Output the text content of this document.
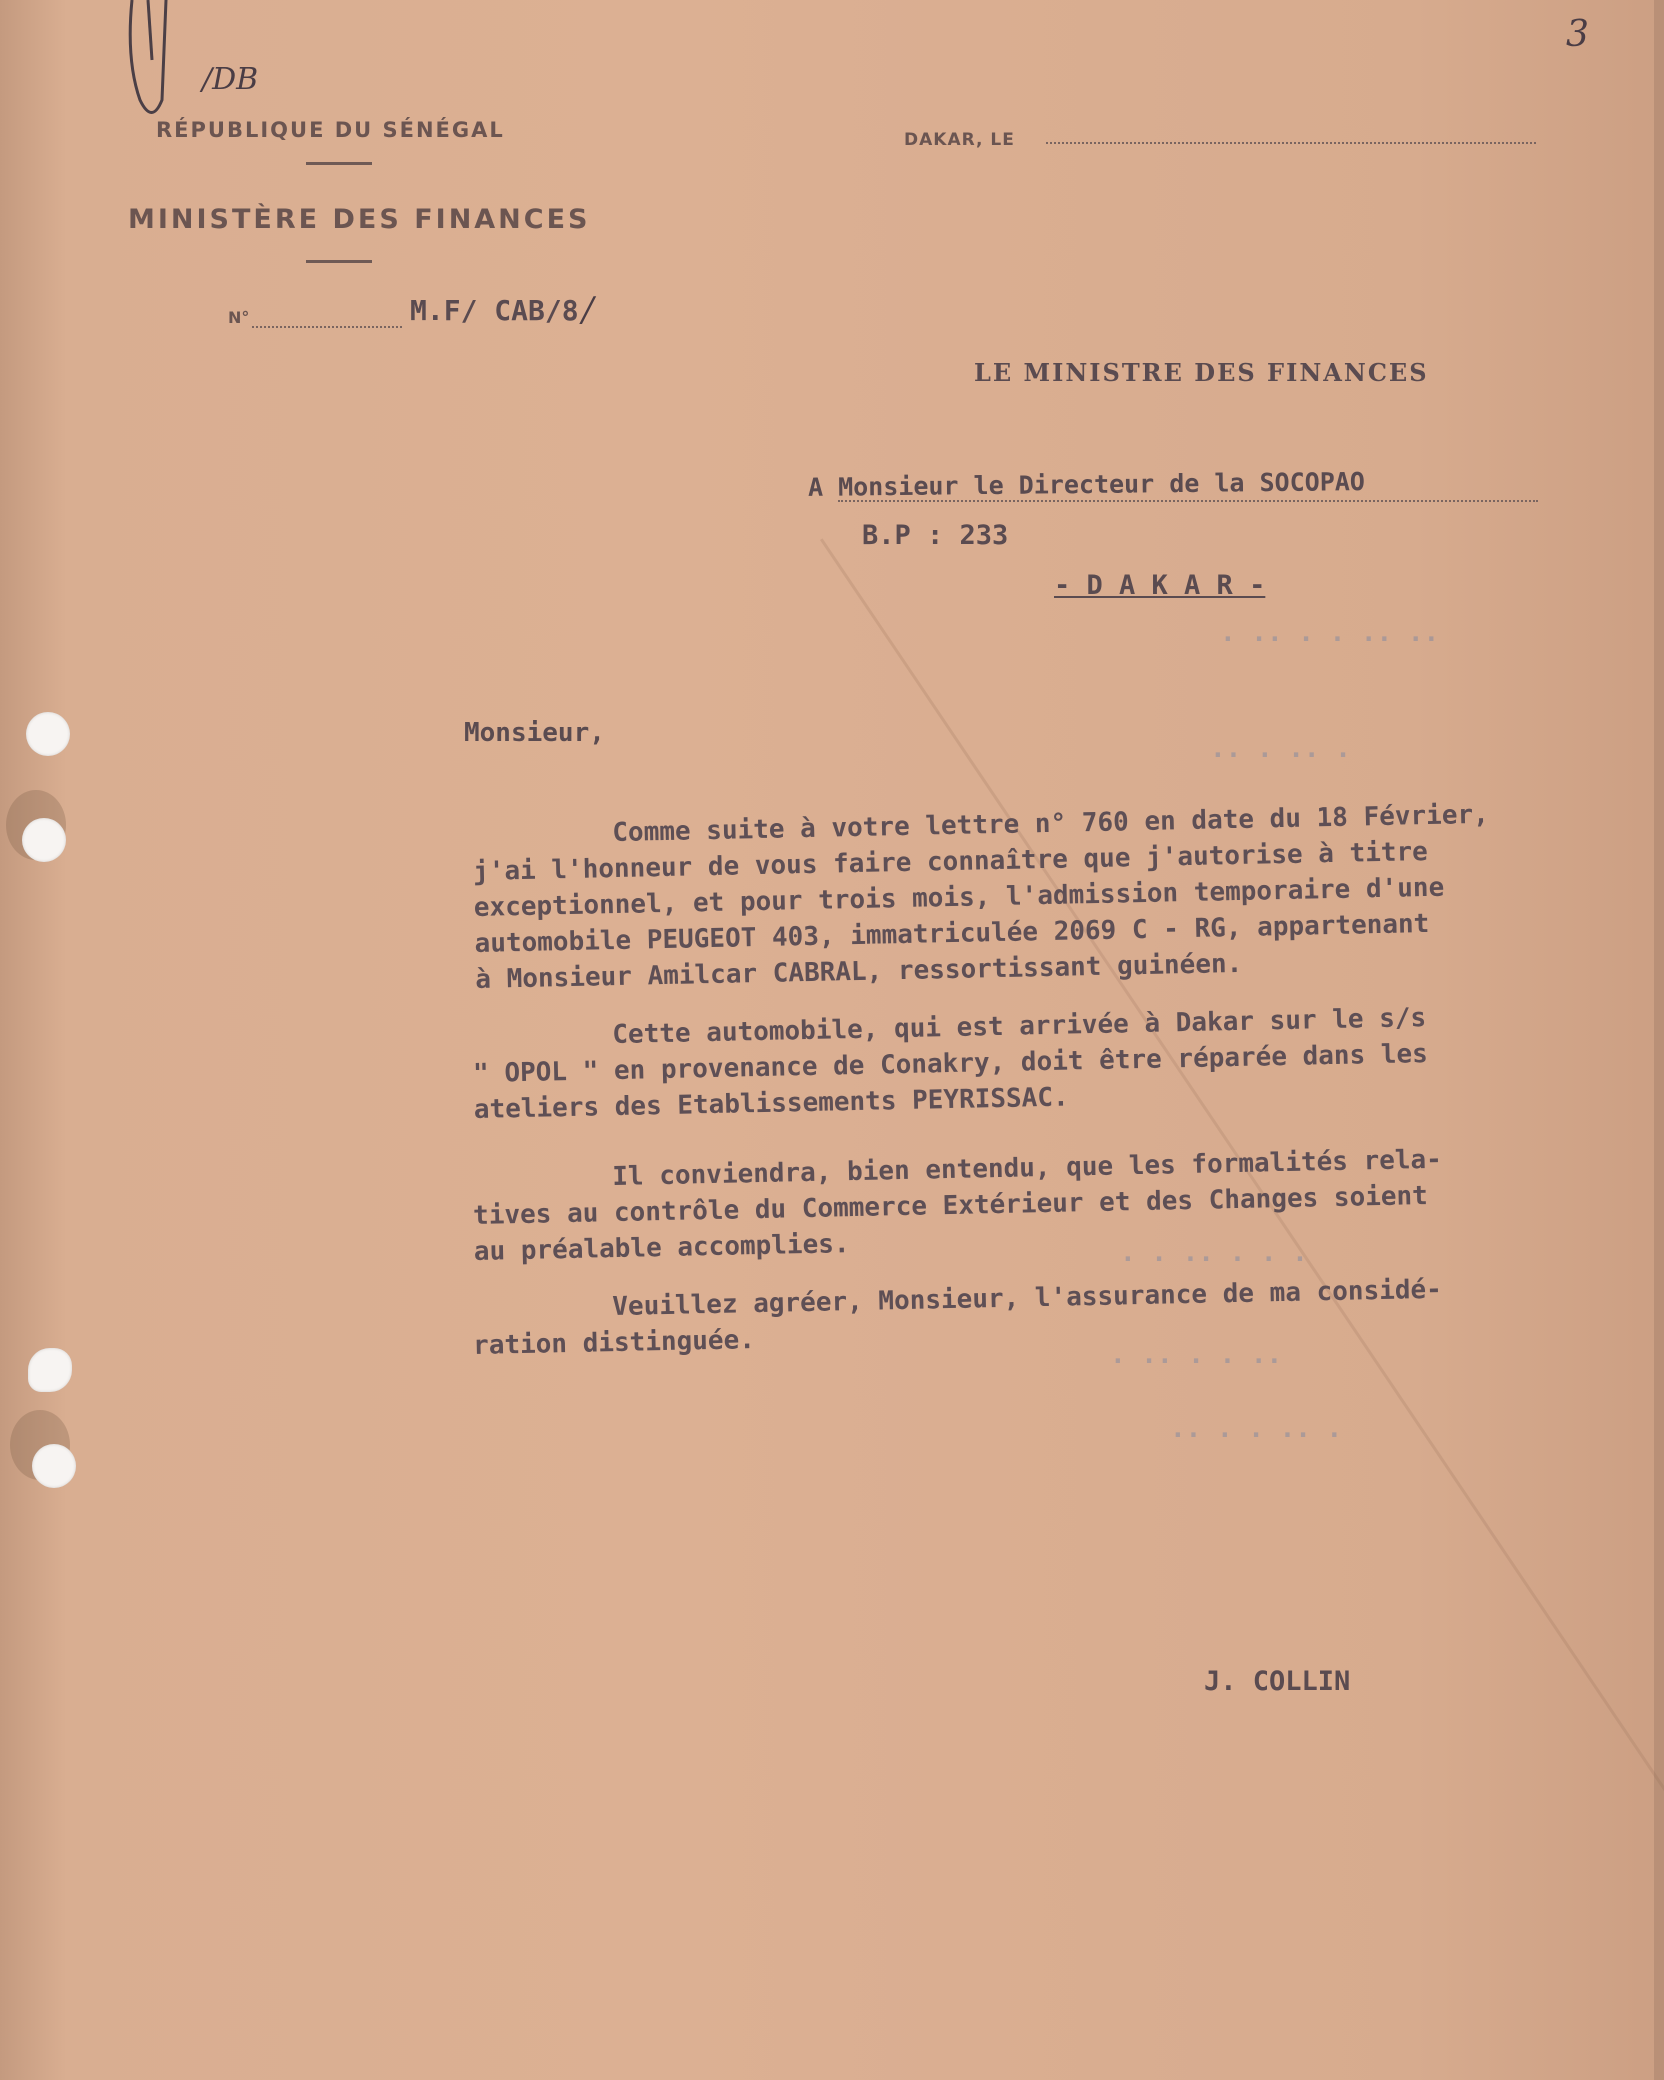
/DB
3
RÉPUBLIQUE DU SÉNÉGAL
MINISTÈRE DES FINANCES
N°	M.F/ CAB/8 /
DAKAR, LE
LE MINISTRE DES FINANCES
A Monsieur le Directeur de la SOCOPAO
B.P : 233
- D A K A R -
. .. . . .. ..
.. . .. .
. . .. . . .
. .. . . ..
.. . . .. .
Monsieur,
Comme suite à votre lettre n° 760 en date du 18 Février,
j'ai l'honneur de vous faire connaître que j'autorise à titre
exceptionnel, et pour trois mois, l'admission temporaire d'une
automobile PEUGEOT 403, immatriculée 2069 C - RG, appartenant
à Monsieur Amilcar CABRAL, ressortissant guinéen.
Cette automobile, qui est arrivée à Dakar sur le s/s
" OPOL " en provenance de Conakry, doit être réparée dans les
ateliers des Etablissements PEYRISSAC.
Il conviendra, bien entendu, que les formalités rela-
tives au contrôle du Commerce Extérieur et des Changes soient
au préalable accomplies.
Veuillez agréer, Monsieur, l'assurance de ma considé-
ration distinguée.
J. COLLIN
